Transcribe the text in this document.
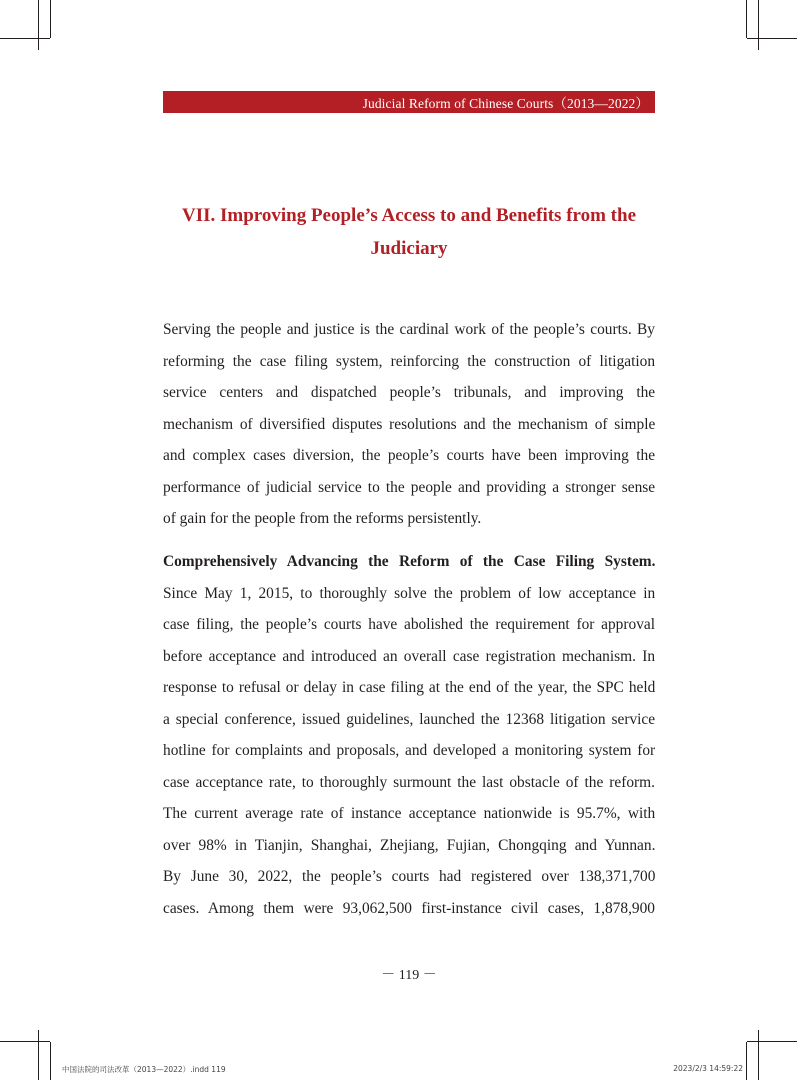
Judicial Reform of Chinese Courts（2013—2022）
VII. Improving People’s Access to and Benefits from the
Judiciary
Serving the people and justice is the cardinal work of the people’s courts. By
reforming the case filing system, reinforcing the construction of litigation
service centers and dispatched people’s tribunals, and improving the
mechanism of diversified disputes resolutions and the mechanism of simple
and complex cases diversion, the people’s courts have been improving the
performance of judicial service to the people and providing a stronger sense
of gain for the people from the reforms persistently.
Comprehensively Advancing the Reform of the Case Filing System.
Since May 1, 2015, to thoroughly solve the problem of low acceptance in
case filing, the people’s courts have abolished the requirement for approval
before acceptance and introduced an overall case registration mechanism. In
response to refusal or delay in case filing at the end of the year, the SPC held
a special conference, issued guidelines, launched the 12368 litigation service
hotline for complaints and proposals, and developed a monitoring system for
case acceptance rate, to thoroughly surmount the last obstacle of the reform.
The current average rate of instance acceptance nationwide is 95.7%, with
over 98% in Tianjin, Shanghai, Zhejiang, Fujian, Chongqing and Yunnan.
By June 30, 2022, the people’s courts had registered over 138,371,700
cases. Among them were 93,062,500 first-instance civil cases, 1,878,900
－ 119 －
中国法院的司法改革（2013—2022）.indd 119	2023/2/3 14:59:22
